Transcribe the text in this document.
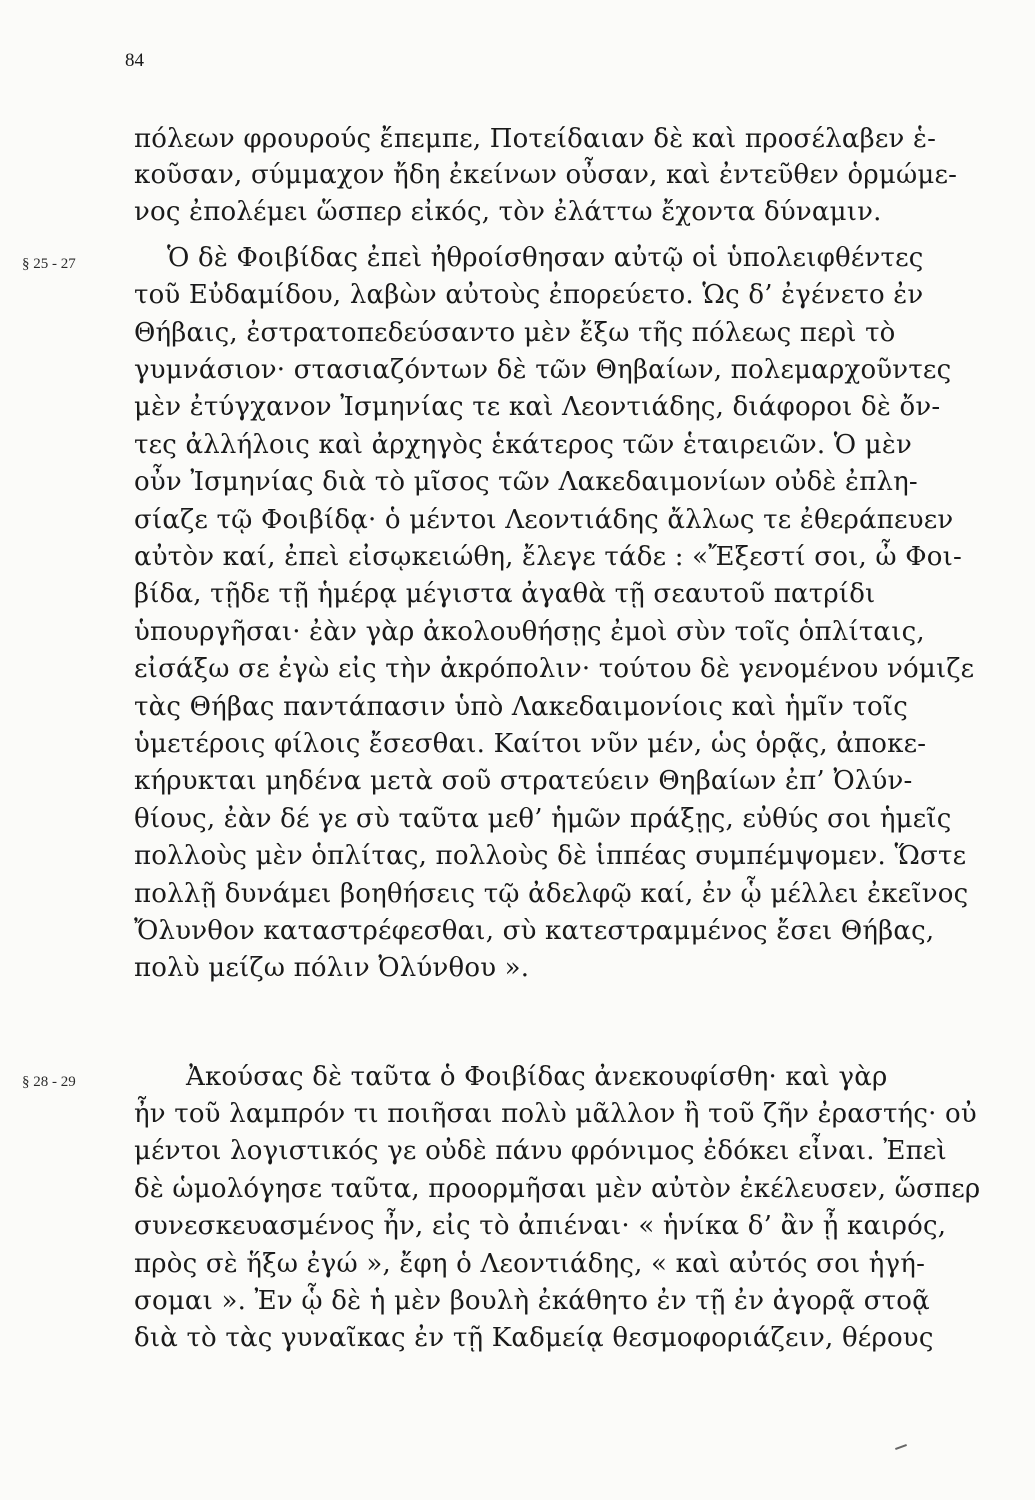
84
§ 25 - 27
§ 28 - 29
πόλεων φρουρούς ἔπεμπε, Ποτείδαιαν δὲ καὶ προσέλαβεν ἑ-
κοῦσαν, σύμμαχον ἤδη ἐκείνων οὖσαν, καὶ ἐντεῦθεν ὁρμώμε-
νος ἐπολέμει ὥσπερ εἰκός, τὸν ἐλάττω ἔχοντα δύναμιν.
Ὁ δὲ Φοιβίδας ἐπεὶ ἠθροίσθησαν αὐτῷ οἱ ὑπολειφθέντες
τοῦ Εὐδαμίδου, λαβὼν αὐτοὺς ἐπορεύετο. Ὡς δ’ ἐγένετο ἐν
Θήβαις, ἐστρατοπεδεύσαντο μὲν ἔξω τῆς πόλεως περὶ τὸ
γυμνάσιον· στασιαζόντων δὲ τῶν Θηβαίων, πολεμαρχοῦντες
μὲν ἐτύγχανον Ἰσμηνίας τε καὶ Λεοντιάδης, διάφοροι δὲ ὄν-
τες ἀλλήλοις καὶ ἀρχηγὸς ἑκάτερος τῶν ἑταιρειῶν. Ὁ μὲν
οὖν Ἰσμηνίας διὰ τὸ μῖσος τῶν Λακεδαιμονίων οὐδὲ ἐπλη-
σίαζε τῷ Φοιβίδᾳ· ὁ μέντοι Λεοντιάδης ἄλλως τε ἐθεράπευεν
αὐτὸν καί, ἐπεὶ εἰσῳκειώθη, ἔλεγε τάδε : «Ἔξεστί σοι, ὦ Φοι-
βίδα, τῇδε τῇ ἡμέρᾳ μέγιστα ἀγαθὰ τῇ σεαυτοῦ πατρίδι
ὑπουργῆσαι· ἐὰν γὰρ ἀκολουθήσῃς ἐμοὶ σὺν τοῖς ὁπλίταις,
εἰσάξω σε ἐγὼ εἰς τὴν ἀκρόπολιν· τούτου δὲ γενομένου νόμιζε
τὰς Θήβας παντάπασιν ὑπὸ Λακεδαιμονίοις καὶ ἡμῖν τοῖς
ὑμετέροις φίλοις ἔσεσθαι. Καίτοι νῦν μέν, ὡς ὁρᾷς, ἀποκε-
κήρυκται μηδένα μετὰ σοῦ στρατεύειν Θηβαίων ἐπ’ Ὀλύν-
θίους, ἐὰν δέ γε σὺ ταῦτα μεθ’ ἡμῶν πράξῃς, εὐθύς σοι ἡμεῖς
πολλοὺς μὲν ὁπλίτας, πολλοὺς δὲ ἱππέας συμπέμψομεν. Ὥστε
πολλῇ δυνάμει βοηθήσεις τῷ ἀδελφῷ καί, ἐν ᾧ μέλλει ἐκεῖνος
Ὄλυνθον καταστρέφεσθαι, σὺ κατεστραμμένος ἔσει Θήβας,
πολὺ μείζω πόλιν Ὀλύνθου ».
Ἀκούσας δὲ ταῦτα ὁ Φοιβίδας ἀνεκουφίσθη· καὶ γὰρ
ἦν τοῦ λαμπρόν τι ποιῆσαι πολὺ μᾶλλον ἢ τοῦ ζῆν ἐραστής· οὐ
μέντοι λογιστικός γε οὐδὲ πάνυ φρόνιμος ἐδόκει εἶναι. Ἐπεὶ
δὲ ὡμολόγησε ταῦτα, προορμῆσαι μὲν αὐτὸν ἐκέλευσεν, ὥσπερ
συνεσκευασμένος ἦν, εἰς τὸ ἀπιέναι· « ἡνίκα δ’ ἂν ᾖ καιρός,
πρὸς σὲ ἥξω ἐγώ », ἔφη ὁ Λεοντιάδης, « καὶ αὐτός σοι ἡγή-
σομαι ». Ἐν ᾧ δὲ ἡ μὲν βουλὴ ἐκάθητο ἐν τῇ ἐν ἀγορᾷ στοᾷ
διὰ τὸ τὰς γυναῖκας ἐν τῇ Καδμείᾳ θεσμοφοριάζειν, θέρους
